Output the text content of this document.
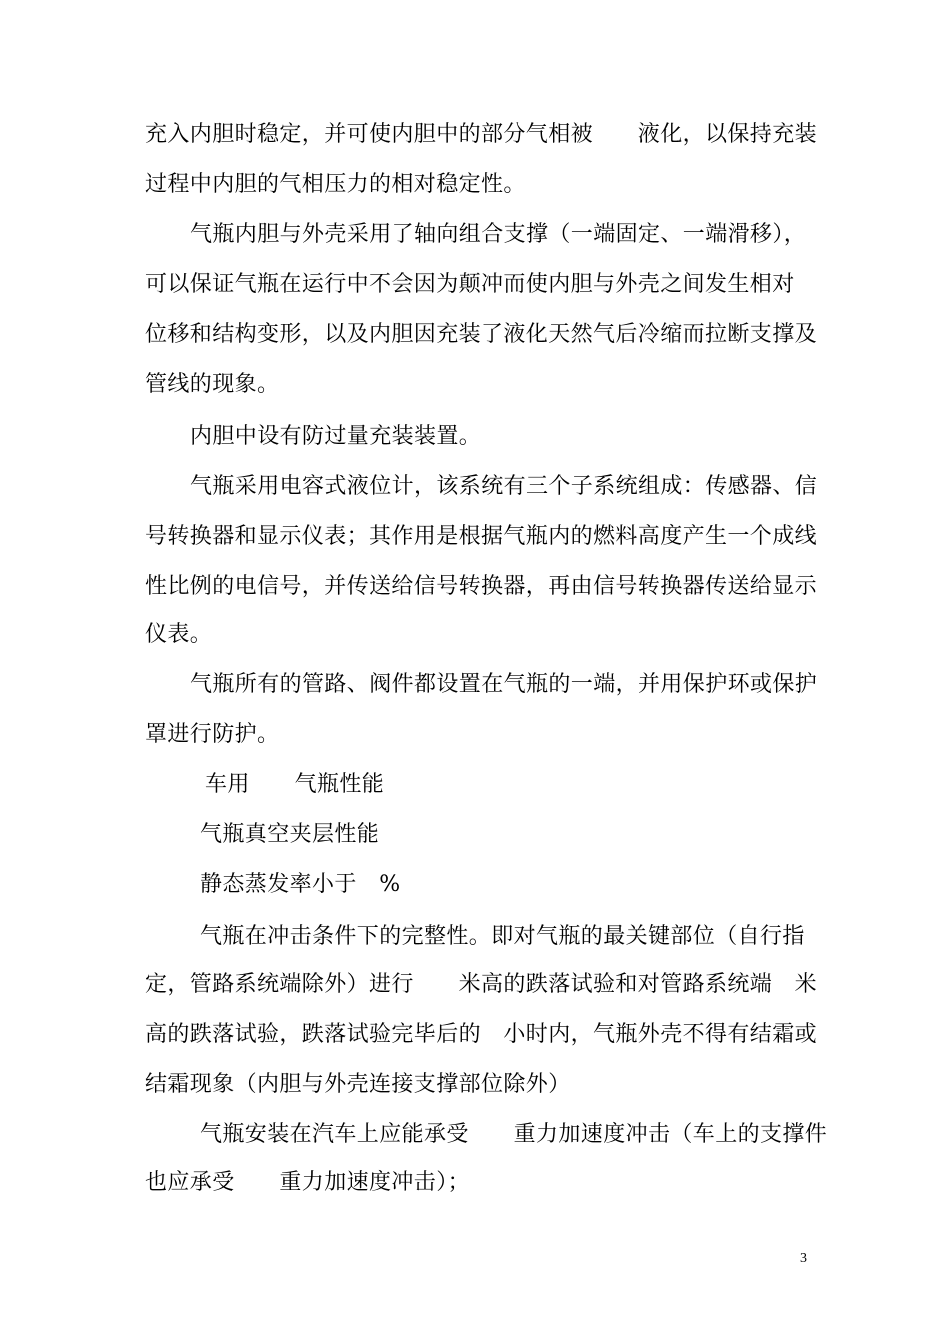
充入内胆时稳定，并可使内胆中的部分气相被　　液化，以保持充装
过程中内胆的气相压力的相对稳定性。
气瓶内胆与外壳采用了轴向组合支撑（一端固定、一端滑移），
可以保证气瓶在运行中不会因为颠冲而使内胆与外壳之间发生相对
位移和结构变形，以及内胆因充装了液化天然气后冷缩而拉断支撑及
管线的现象。
内胆中设有防过量充装装置。
气瓶采用电容式液位计，该系统有三个子系统组成：传感器、信
号转换器和显示仪表；其作用是根据气瓶内的燃料高度产生一个成线
性比例的电信号，并传送给信号转换器，再由信号转换器传送给显示
仪表。
气瓶所有的管路、阀件都设置在气瓶的一端，并用保护环或保护
罩进行防护。
车用　　气瓶性能
气瓶真空夹层性能
静态蒸发率小于　%
气瓶在冲击条件下的完整性。即对气瓶的最关键部位（自行指
定，管路系统端除外）进行　　米高的跌落试验和对管路系统端　米
高的跌落试验，跌落试验完毕后的　小时内，气瓶外壳不得有结霜或
结霜现象（内胆与外壳连接支撑部位除外）
气瓶安装在汽车上应能承受　　重力加速度冲击（车上的支撑件
也应承受　　重力加速度冲击）；
3
